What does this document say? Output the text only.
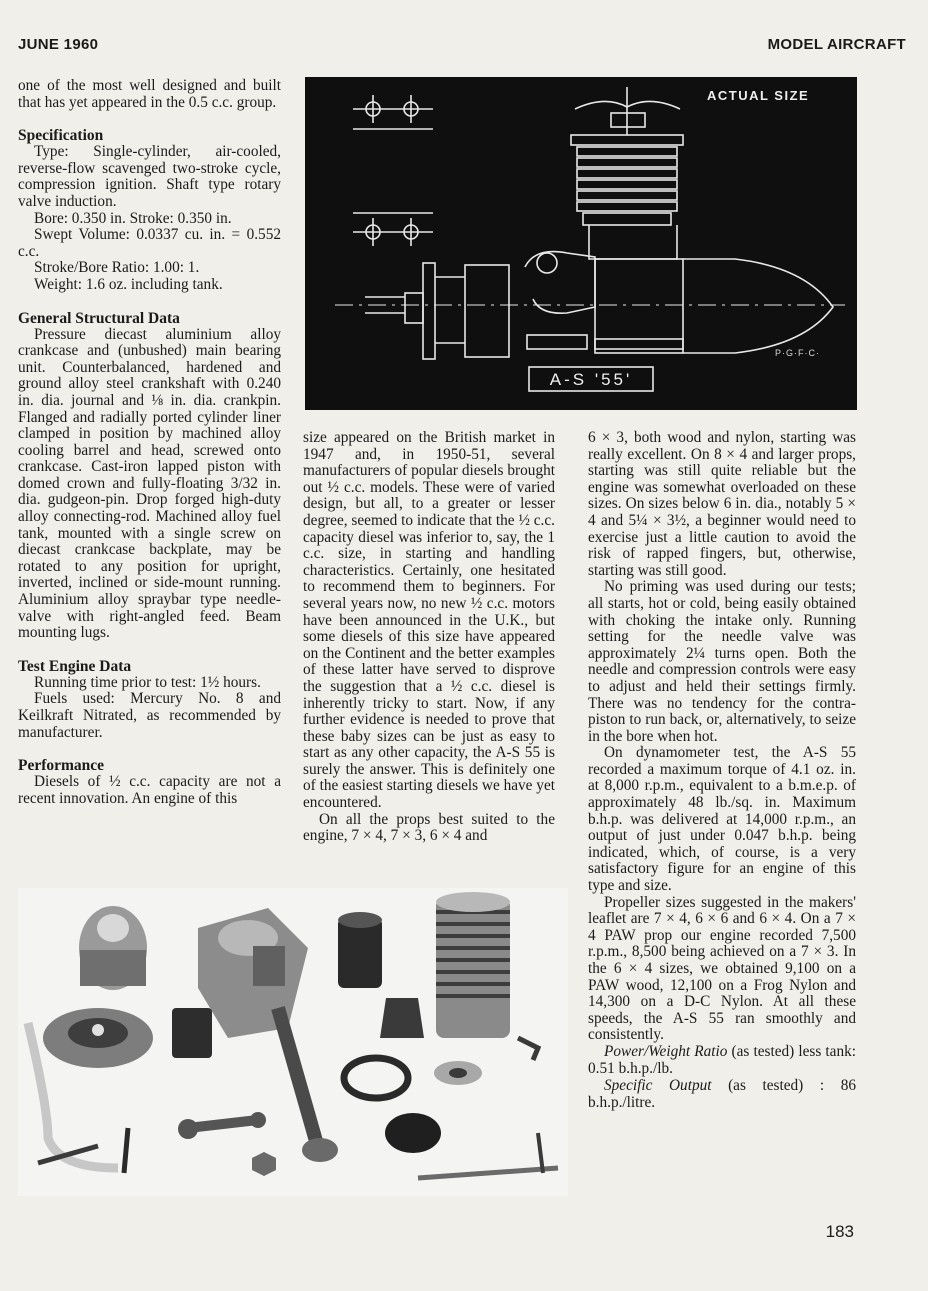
JUNE 1960	MODEL AIRCRAFT

one of the most well designed and built that has yet appeared in the 0.5 c.c. group.

Specification

Type: Single-cylinder, air-cooled, reverse-flow scavenged two-stroke cycle, compression ignition. Shaft type rotary valve induction.

Bore: 0.350 in. Stroke: 0.350 in.

Swept Volume: 0.0337 cu. in. = 0.552 c.c.

Stroke/Bore Ratio: 1.00: 1.

Weight: 1.6 oz. including tank.

General Structural Data

Pressure diecast aluminium alloy crankcase and (unbushed) main bearing unit. Counterbalanced, hardened and ground alloy steel crankshaft with 0.240 in. dia. journal and ⅛ in. dia. crankpin. Flanged and radially ported cylinder liner clamped in position by machined alloy cooling barrel and head, screwed onto crankcase. Cast-iron lapped piston with domed crown and fully-floating 3/32 in. dia. gudgeon-pin. Drop forged high-duty alloy connecting-rod. Machined alloy fuel tank, mounted with a single screw on diecast crankcase backplate, may be rotated to any position for upright, inverted, inclined or side-mount running. Aluminium alloy spraybar type needle-valve with right-angled feed. Beam mounting lugs.

Test Engine Data

Running time prior to test: 1½ hours.

Fuels used: Mercury No. 8 and Keilkraft Nitrated, as recommended by manufacturer.

Performance

Diesels of ½ c.c. capacity are not a recent innovation. An engine of this

ACTUAL SIZE
A-S '55'
P·G·F·C·

size appeared on the British market in 1947 and, in 1950-51, several manufacturers of popular diesels brought out ½ c.c. models. These were of varied design, but all, to a greater or lesser degree, seemed to indicate that the ½ c.c. capacity diesel was inferior to, say, the 1 c.c. size, in starting and handling characteristics. Certainly, one hesitated to recommend them to beginners. For several years now, no new ½ c.c. motors have been announced in the U.K., but some diesels of this size have appeared on the Continent and the better examples of these latter have served to disprove the suggestion that a ½ c.c. diesel is inherently tricky to start. Now, if any further evidence is needed to prove that these baby sizes can be just as easy to start as any other capacity, the A-S 55 is surely the answer. This is definitely one of the easiest starting diesels we have yet encountered.

On all the props best suited to the engine, 7 × 4, 7 × 3, 6 × 4 and

6 × 3, both wood and nylon, starting was really excellent. On 8 × 4 and larger props, starting was still quite reliable but the engine was somewhat overloaded on these sizes. On sizes below 6 in. dia., notably 5 × 4 and 5¼ × 3½, a beginner would need to exercise just a little caution to avoid the risk of rapped fingers, but, otherwise, starting was still good.

No priming was used during our tests; all starts, hot or cold, being easily obtained with choking the intake only. Running setting for the needle valve was approximately 2¼ turns open. Both the needle and compression controls were easy to adjust and held their settings firmly. There was no tendency for the contra-piston to run back, or, alternatively, to seize in the bore when hot.

On dynamometer test, the A-S 55 recorded a maximum torque of 4.1 oz. in. at 8,000 r.p.m., equivalent to a b.m.e.p. of approximately 48 lb./sq. in. Maximum b.h.p. was delivered at 14,000 r.p.m., an output of just under 0.047 b.h.p. being indicated, which, of course, is a very satisfactory figure for an engine of this type and size.

Propeller sizes suggested in the makers' leaflet are 7 × 4, 6 × 6 and 6 × 4. On a 7 × 4 PAW prop our engine recorded 7,500 r.p.m., 8,500 being achieved on a 7 × 3. In the 6 × 4 sizes, we obtained 9,100 on a PAW wood, 12,100 on a Frog Nylon and 14,300 on a D-C Nylon. At all these speeds, the A-S 55 ran smoothly and consistently.

Power/Weight Ratio (as tested) less tank: 0.51 b.h.p./lb.

Specific Output (as tested) : 86 b.h.p./litre.

183
